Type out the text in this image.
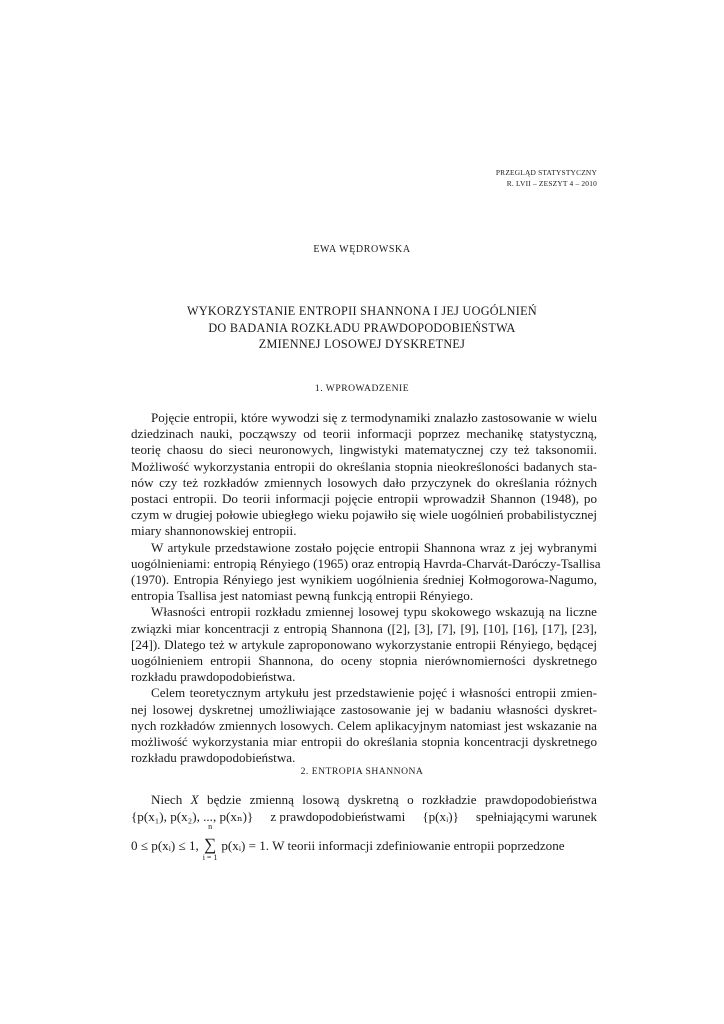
PRZEGLĄD STATYSTYCZNY
R. LVII – ZESZYT 4 – 2010
EWA WĘDROWSKA
WYKORZYSTANIE ENTROPII SHANNONA I JEJ UOGÓLNIEŃ
DO BADANIA ROZKŁADU PRAWDOPODOBIEŃSTWA
ZMIENNEJ LOSOWEJ DYSKRETNEJ
1. WPROWADZENIE
Pojęcie entropii, które wywodzi się z termodynamiki znalazło zastosowanie w wielu
dziedzinach nauki, począwszy od teorii informacji poprzez mechanikę statystyczną,
teorię chaosu do sieci neuronowych, lingwistyki matematycznej czy też taksonomii.
Możliwość wykorzystania entropii do określania stopnia nieokreśloności badanych sta-
nów czy też rozkładów zmiennych losowych dało przyczynek do określania różnych
postaci entropii. Do teorii informacji pojęcie entropii wprowadził Shannon (1948), po
czym w drugiej połowie ubiegłego wieku pojawiło się wiele uogólnień probabilistycznej
miary shannonowskiej entropii.
W artykule przedstawione zostało pojęcie entropii Shannona wraz z jej wybranymi
uogólnieniami: entropią Rényiego (1965) oraz entropią Havrda-Charvát-Daróczy-Tsallisa
(1970). Entropia Rényiego jest wynikiem uogólnienia średniej Kołmogorowa-Nagumo,
entropia Tsallisa jest natomiast pewną funkcją entropii Rényiego.
Własności entropii rozkładu zmiennej losowej typu skokowego wskazują na liczne
związki miar koncentracji z entropią Shannona ([2], [3], [7], [9], [10], [16], [17], [23],
[24]). Dlatego też w artykule zaproponowano wykorzystanie entropii Rényiego, będącej
uogólnieniem entropii Shannona, do oceny stopnia nierównomierności dyskretnego
rozkładu prawdopodobieństwa.
Celem teoretycznym artykułu jest przedstawienie pojęć i własności entropii zmien-
nej losowej dyskretnej umożliwiające zastosowanie jej w badaniu własności dyskret-
nych rozkładów zmiennych losowych. Celem aplikacyjnym natomiast jest wskazanie na
możliwość wykorzystania miar entropii do określania stopnia koncentracji dyskretnego
rozkładu prawdopodobieństwa.
2. ENTROPIA SHANNONA
Niech X będzie zmienną losową dyskretną o rozkładzie prawdopodobieństwa
{p(x₁), p(x₂), ..., p(xₙ)} z prawdopodobieństwami {p(xᵢ)} spełniającymi warunek
0 ≤ p(xᵢ) ≤ 1,
n
∑
i = 1
p(xᵢ) = 1. W teorii informacji zdefiniowanie entropii poprzedzone
